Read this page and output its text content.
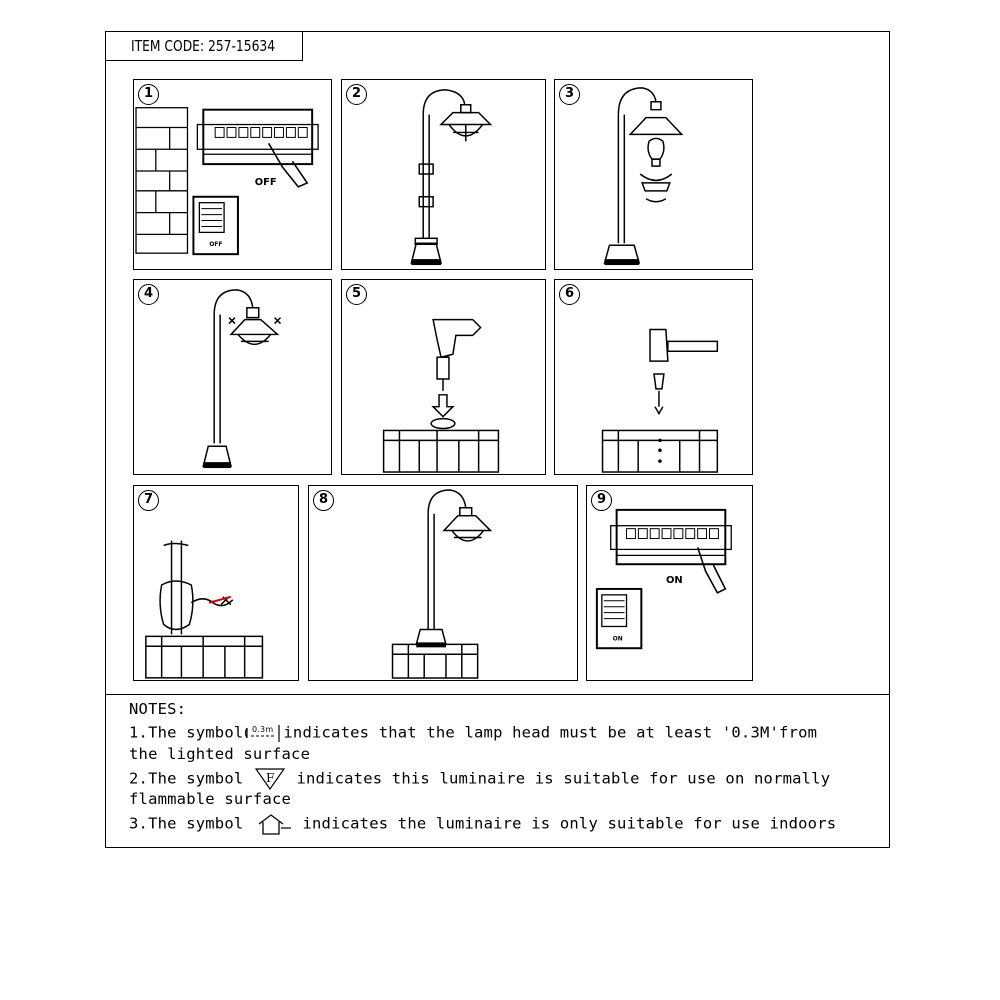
ITEM CODE: 257-15634
OFF
OFF
1	2	3
4	5	6
7	8
ON
ON
9
NOTES:
1.The symbol 0.3m indicates that the lamp head must be at least '0.3M'from
the lighted surface
2.The symbol F indicates this luminaire is suitable for use on normally
flammable surface
3.The symbol	indicates the luminaire is only suitable for use indoors
